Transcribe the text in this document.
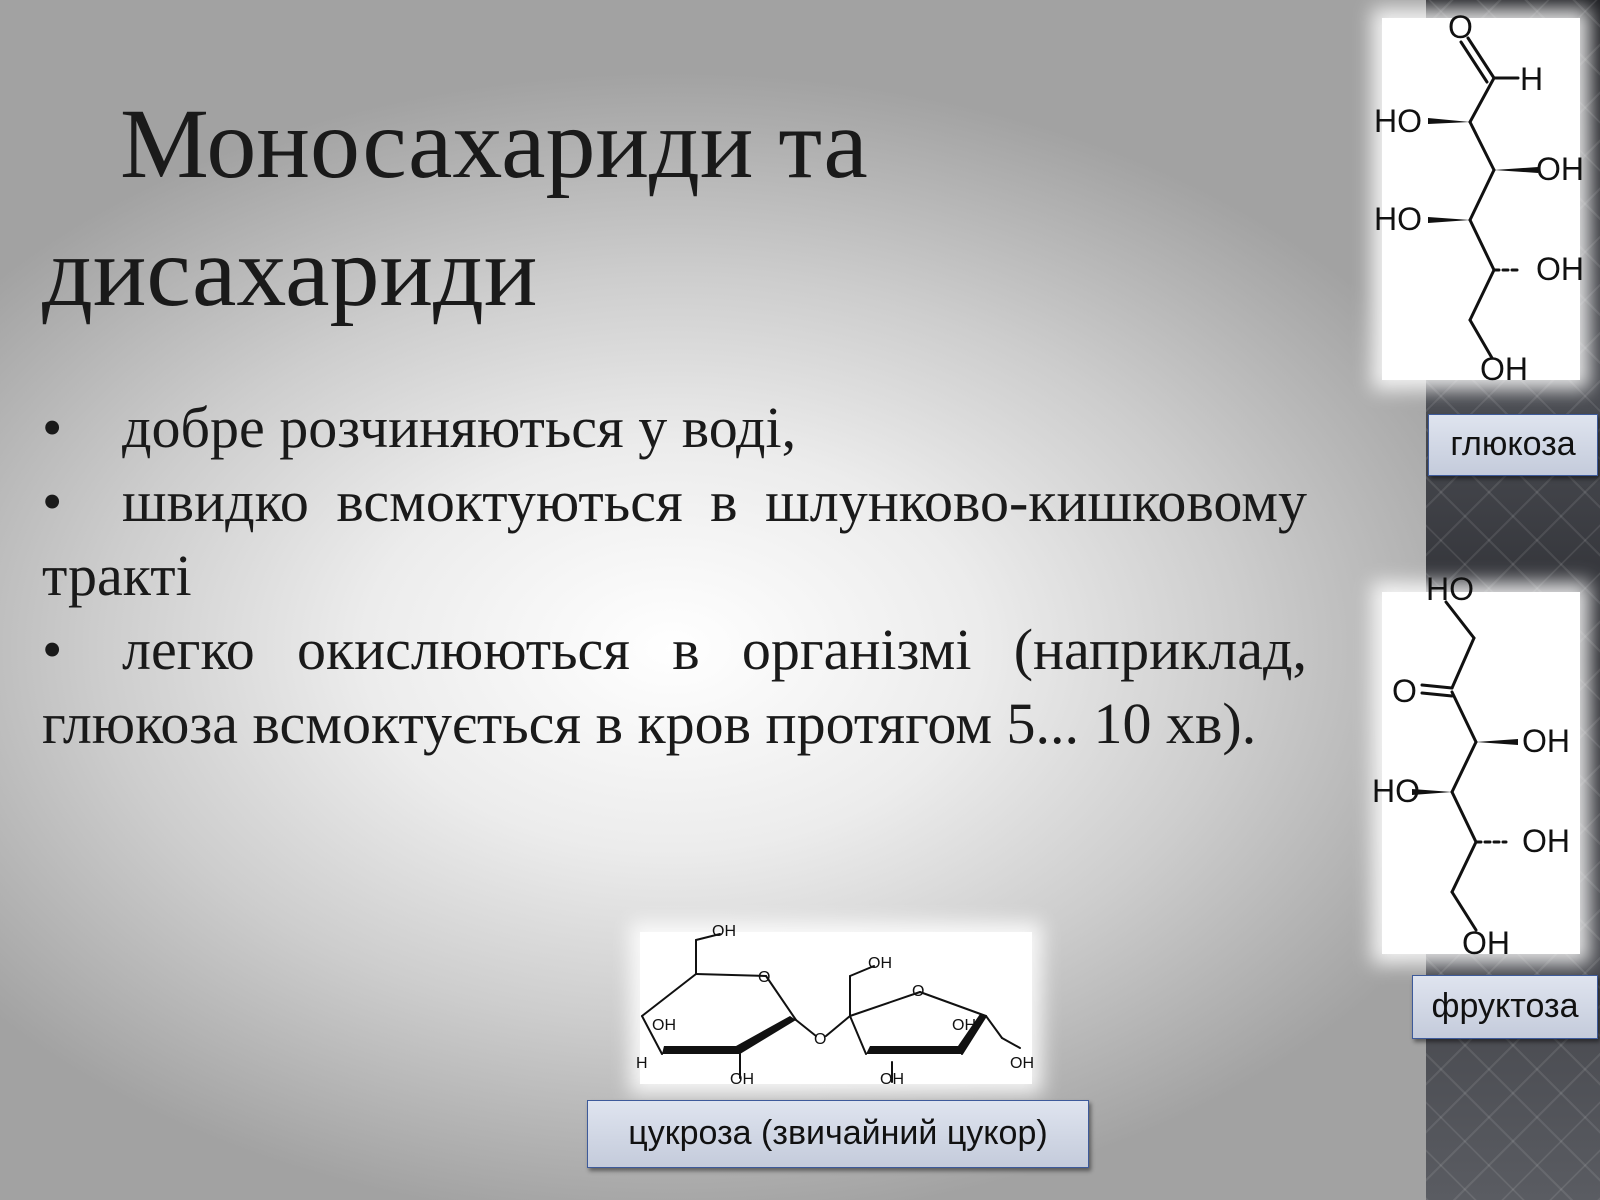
Моносахариди та
дисахариди
• добре розчиняються у воді,
• швидко всмоктуються в шлунково-кишковому тракті
• легко окислюються в організмі (наприклад, глюкоза всмоктується в кров протягом 5... 10 хв).
O
H
HO
OH
HO
OH
OH
глюкоза
HO
O
OH
HO
OH
OH
фруктоза
OH
O
OH
H
OH
O
OH
O
OH
OH
OH
цукроза (звичайний цукор)
